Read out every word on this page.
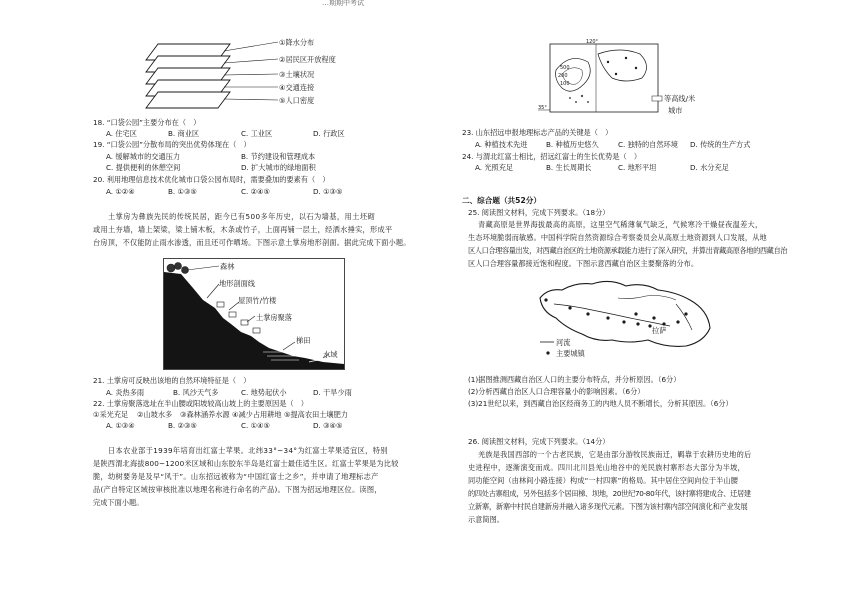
…期期中考试
①降水分布
②居民区开放程度
③土壤状况
④交通连接
⑤人口密度
18. “口袋公园”主要分布在（　）
A. 住宅区	B. 商业区	C. 工业区	D. 行政区
19. “口袋公园”分散布局的突出优势体现在（　）
A. 缓解城市的交通压力	B. 节约建设和管理成本
C. 提供便利的休憩空间	D. 扩大城市的绿地面积
20. 利用地理信息技术优化城市口袋公园布局时，需要叠加的要素有（　）
A. ①②④	B. ①③⑤	C. ②④⑤	D. ①③⑤
土掌房为彝族先民的传统民居，距今已有500多年历史，以石为墙基，用土坯砌
或用土夯墙，墙上架梁，梁上铺木板，木条或竹子，上面再铺一层土，经洒水捶实，形成平
台房顶，不仅能防止雨水渗透，而且还可作晒场。下图示意土掌房地形剖面。据此完成下面小题。
森林
地形剖面线
屋顶竹/竹楼
土掌房聚落
梯田
水域
21. 土掌房可反映出该地的自然环境特征是（　）
A. 炎热多雨	B. 风沙天气多	C. 地势起伏小	D. 干旱少雨
22. 土掌房聚落选址在半山腰或阳坡较高山坡上的主要原因是（　）
①采光充足 ②山坡水多 ③森林涵养水源 ④减少占用耕地 ⑤提高农田土壤肥力
A. ①③④	B. ②③⑤	C. ①④⑤	D. ③④⑤
日本农业部于1939年培育出红富士苹果。北纬33°~34°为红富士苹果适宜区，特别
是陕西渭北海拔800~1200米区域和山东胶东半岛是红富士最佳适生区。红富士苹果是为比较
脆，幼树要务是及早“风干”。山东招远被称为“中国红富士之乡”，并申请了地理标志产
品(产自特定区域按审核批准以地理名称进行命名的产品)。下图为招远地理区位。读图，
完成下面小题。
120°
500
200
100
35°
等高线/米
城市
23. 山东招远申报地理标志产品的关键是（　）
A. 种植技术先进	B. 种植历史悠久	C. 独特的自然环境 D. 传统的生产方式
24. 与渭北红富士相比，招远红富士的生长优势是（　）
A. 光照充足	B. 生长周期长	C. 地形平坦	D. 水分充足
二、综合题（共52分）
25. 阅读图文材料，完成下列要求。（18分）
青藏高原是世界海拔最高的高原，这里空气稀薄氧气缺乏，气候寒冷干燥昼夜温差大，
生态环境脆弱而敏感。中国科学院自然资源综合考察委员会从高原土地资源到人口发展，从地
区人口合理容量出发，对西藏自治区的土地资源承载能力进行了深入研究，并算出青藏高原各地的西藏自治
区人口合理容量都接近饱和程度。下图示意西藏自治区主要聚落的分布。
拉萨
河流
主要城镇
(1)据图推测西藏自治区人口的主要分布特点，并分析原因。（6分）
(2)分析西藏自治区人口合理容量小的影响因素。（6分）
(3)21世纪以来，到西藏自治区经商务工的内地人员不断增长，分析其原因。（6分）
26. 阅读图文材料，完成下列要求。（14分）
羌族是我国西部的一个古老民族，它是由部分游牧民族南迁，羁靠于农耕历史地的后
史进程中，逐渐演变而成。四川北川县羌山地谷中的羌民族村寨形态大部分为半坡，
同功能空间（由林间小路连接）构成“一村四寨”的格局。其中居住空间向位于半山腰
的四处古寨组成，另外包括多个居田梯、坝地，20世纪70-80年代，该村寨将建成合、迁居建
立新寨，新寨中村民自建新房并融入诸多现代元素。下图为该村寨内部空间演化和产业发展
示意简图。
